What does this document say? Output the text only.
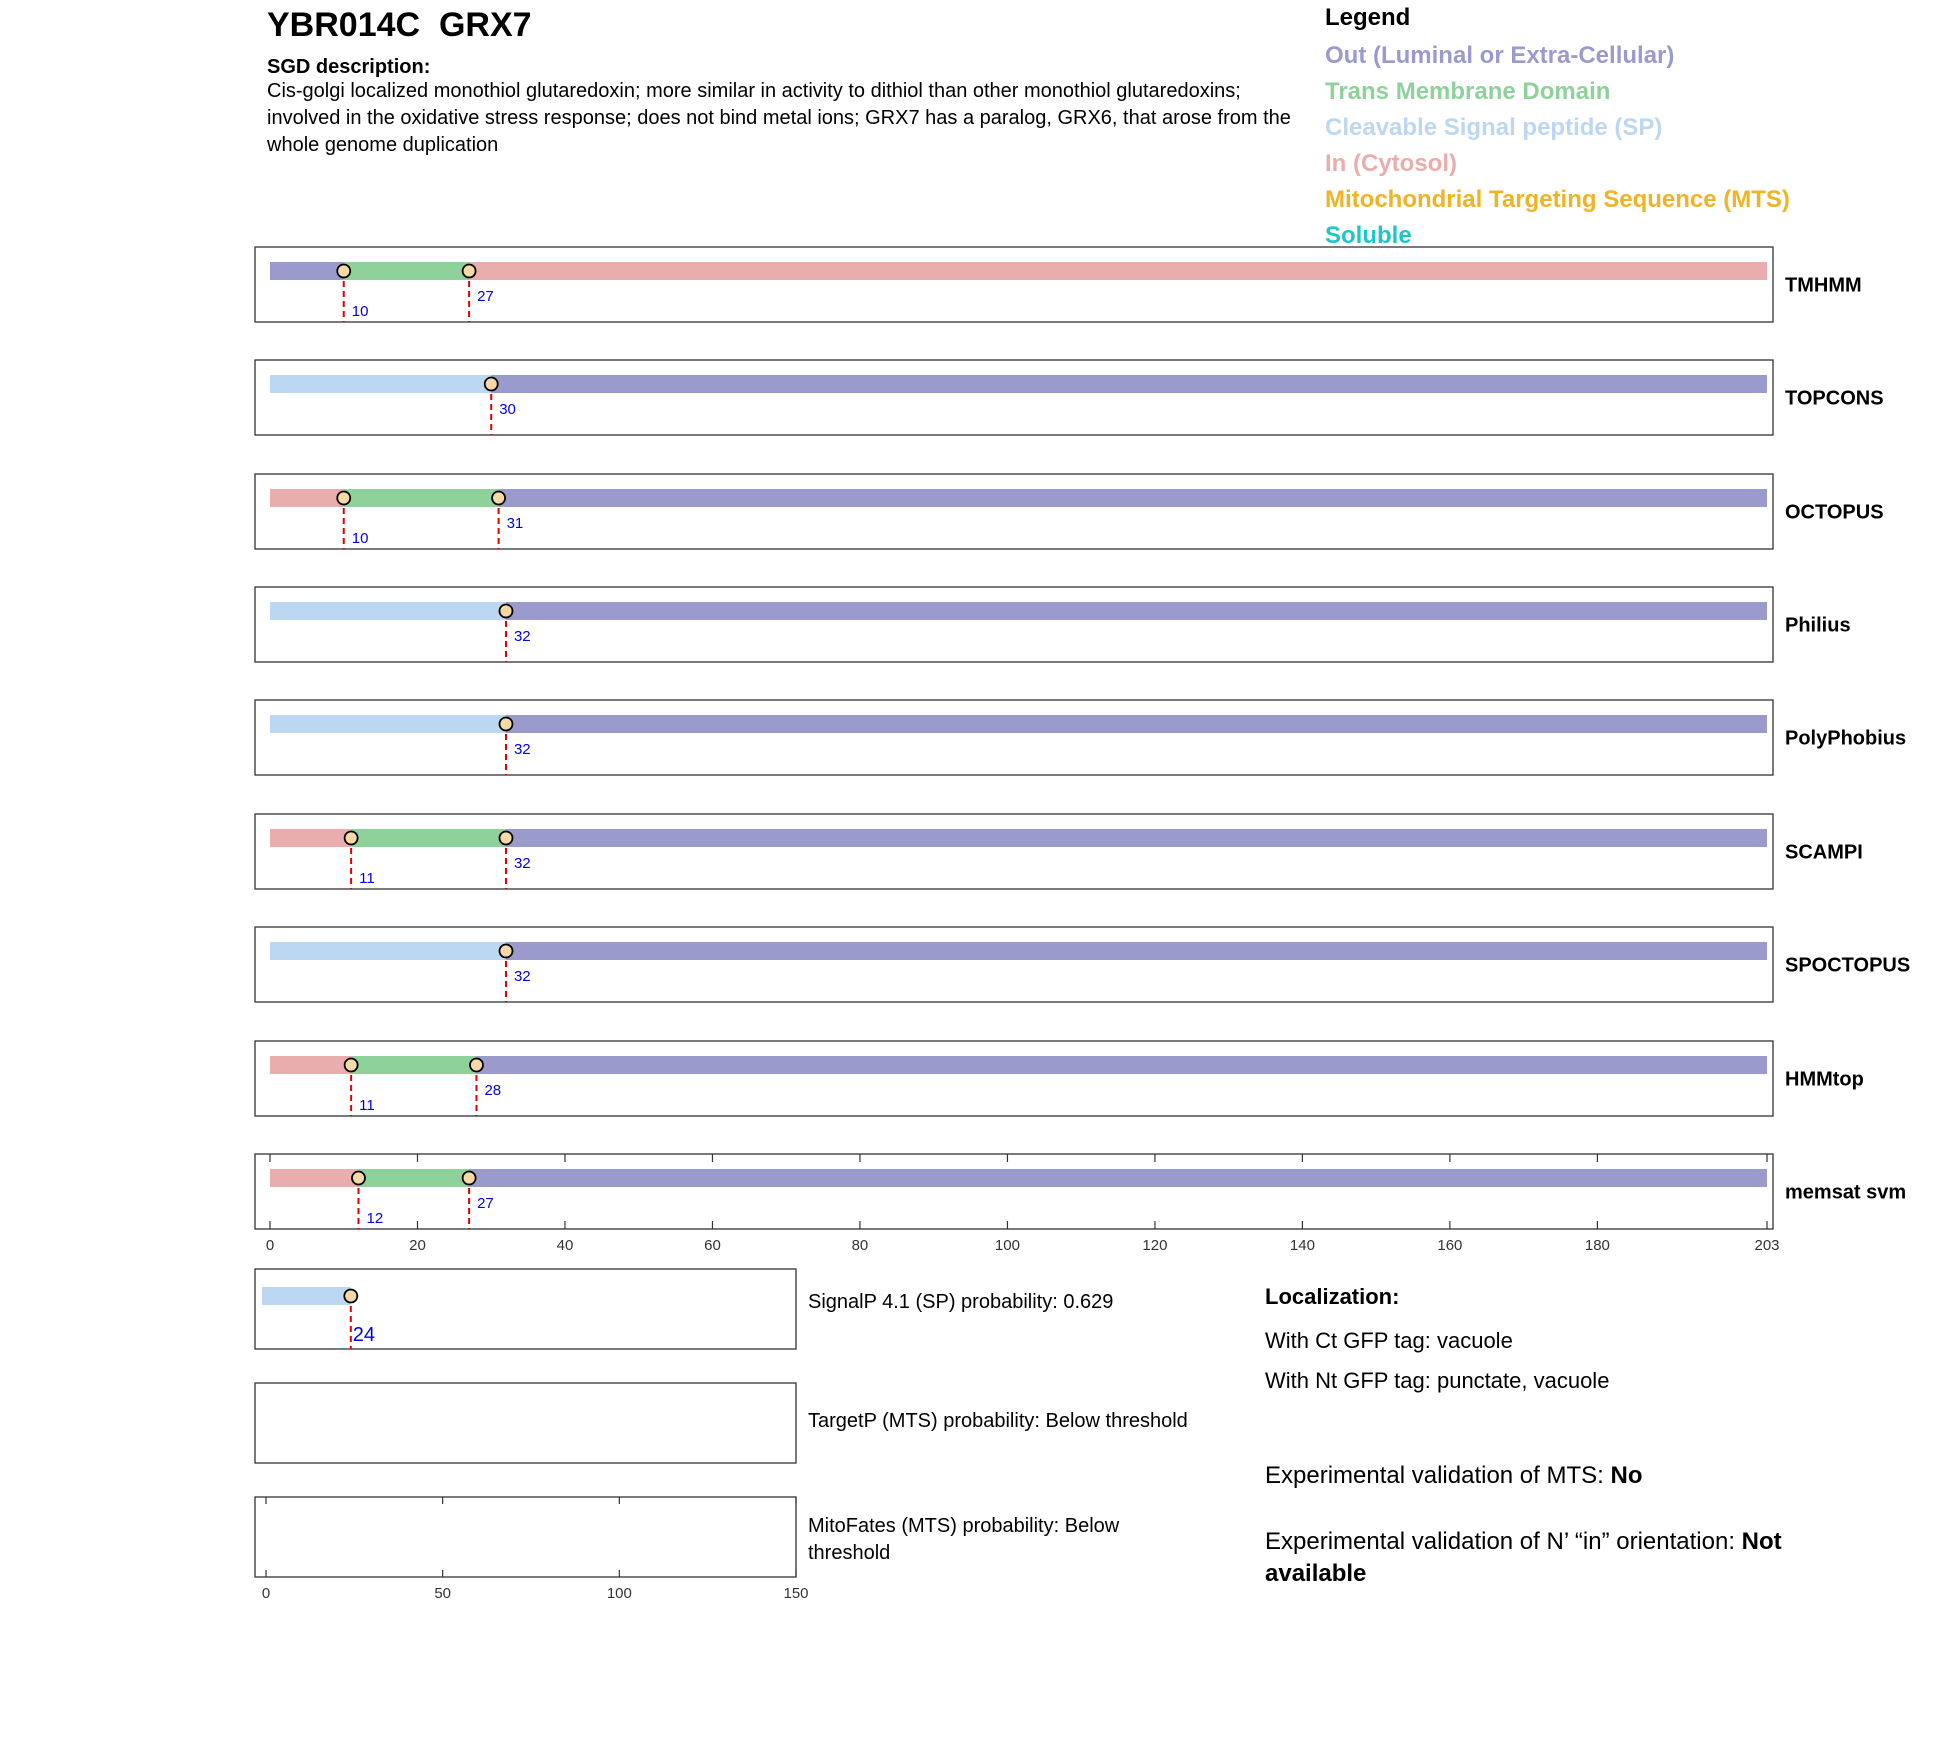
YBR014C  GRX7
SGD description:
Cis-golgi localized monothiol glutaredoxin; more similar in activity to dithiol than other monothiol glutaredoxins; involved in the oxidative stress response; does not bind metal ions; GRX7 has a paralog, GRX6, that arose from the whole genome duplication
Legend
Out (Luminal or Extra-Cellular)
Trans Membrane Domain
Cleavable Signal peptide (SP)
In (Cytosol)
Mitochondrial Targeting Sequence (MTS)
Soluble
10
27	TMHMM
30	TOPCONS
10
31	OCTOPUS
32	Philius
32	PolyPhobius
11
32	SCAMPI
32	SPOCTOPUS
11
28	HMMtop
12
27	memsat svm
0	20	40	60	80	100	120	140	160	180	203
24
0	50	100	150
SignalP 4.1 (SP) probability: 0.629
TargetP (MTS) probability: Below threshold
MitoFates (MTS) probability: Below threshold
Localization:
With Ct GFP tag: vacuole
With Nt GFP tag: punctate, vacuole
Experimental validation of MTS: No
Experimental validation of N’ “in” orientation: Not available
